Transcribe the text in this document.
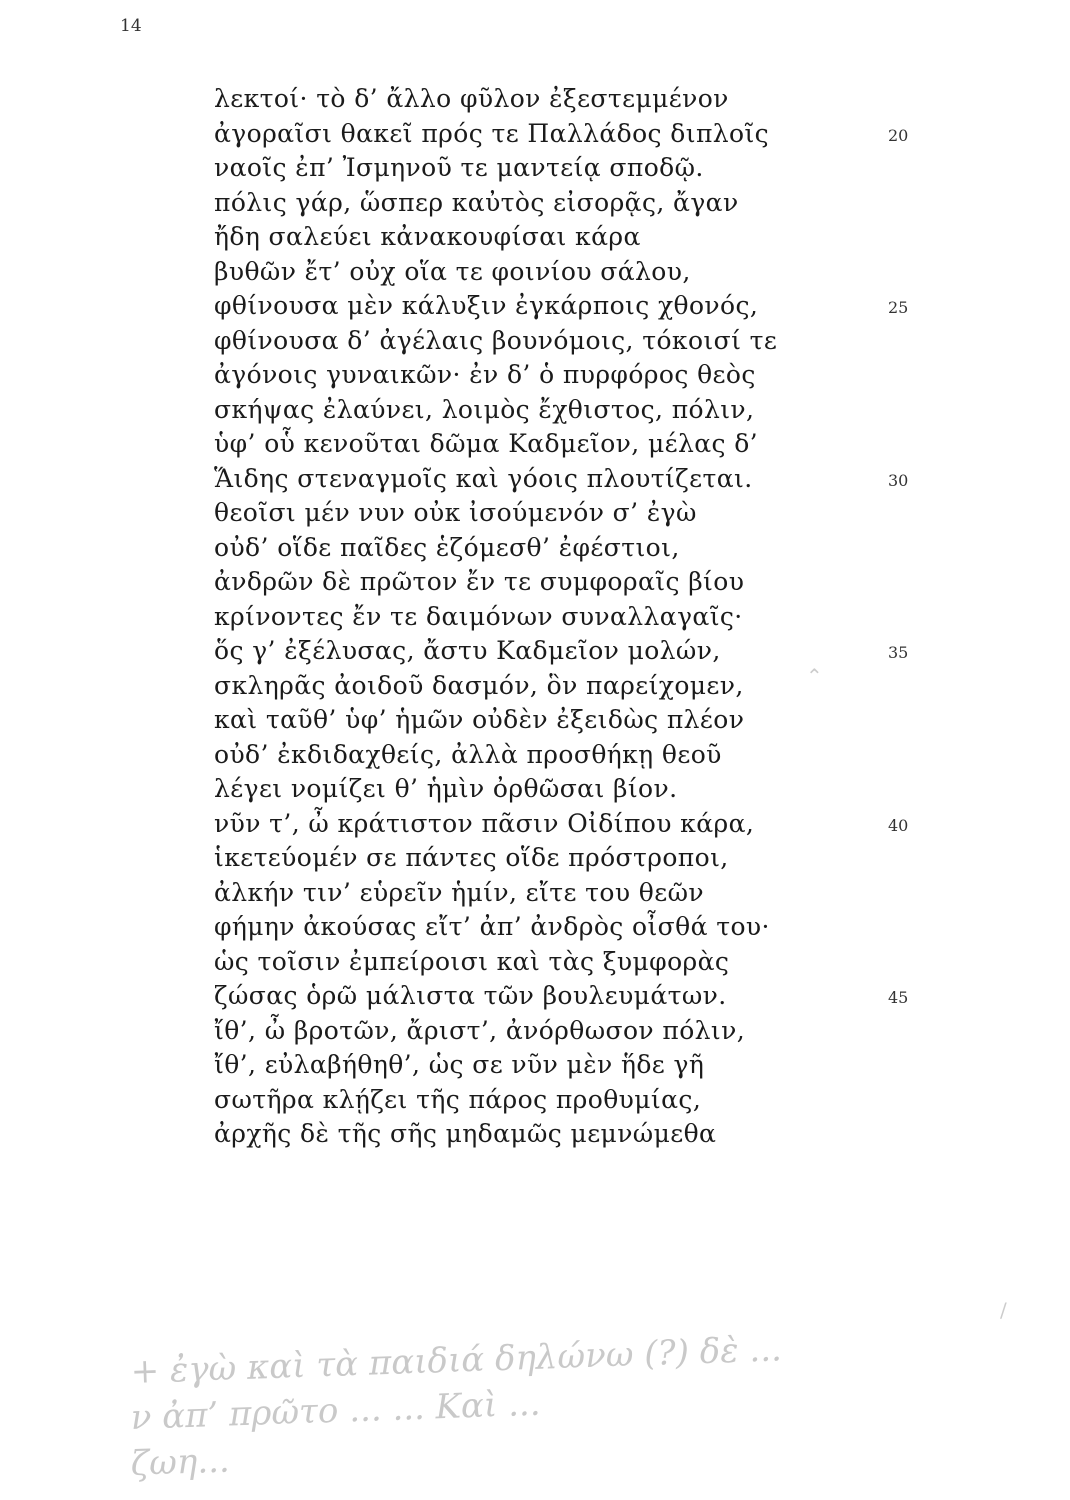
14
λεκτοί· τὸ δ’ ἄλλο φῦλον ἐξεστεμμένον
ἀγοραῖσι θακεῖ πρός τε Παλλάδος διπλοῖς
ναοῖς ἐπ’ Ἰσμηνοῦ τε μαντείᾳ σποδῷ.
πόλις γάρ, ὥσπερ καὐτὸς εἰσορᾷς, ἄγαν
ἤδη σαλεύει κἀνακουφίσαι κάρα
βυθῶν ἔτ’ οὐχ οἵα τε φοινίου σάλου,
φθίνουσα μὲν κάλυξιν ἐγκάρποις χθονός,
φθίνουσα δ’ ἀγέλαις βουνόμοις, τόκοισί τε
ἀγόνοις γυναικῶν· ἐν δ’ ὁ πυρφόρος θεὸς
σκήψας ἐλαύνει, λοιμὸς ἔχθιστος, πόλιν,
ὑφ’ οὗ κενοῦται δῶμα Καδμεῖον, μέλας δ’
Ἅιδης στεναγμοῖς καὶ γόοις πλουτίζεται.
θεοῖσι μέν νυν οὐκ ἰσούμενόν σ’ ἐγὼ
οὐδ’ οἵδε παῖδες ἑζόμεσθ’ ἐφέστιοι,
ἀνδρῶν δὲ πρῶτον ἔν τε συμφοραῖς βίου
κρίνοντες ἔν τε δαιμόνων συναλλαγαῖς·
ὅς γ’ ἐξέλυσας, ἄστυ Καδμεῖον μολών,
σκληρᾶς ἀοιδοῦ δασμόν, ὃν παρείχομεν,
καὶ ταῦθ’ ὑφ’ ἡμῶν οὐδὲν ἐξειδὼς πλέον
οὐδ’ ἐκδιδαχθείς, ἀλλὰ προσθήκῃ θεοῦ
λέγει νομίζει θ’ ἡμὶν ὀρθῶσαι βίον.
νῦν τ’, ὦ κράτιστον πᾶσιν Οἰδίπου κάρα,
ἱκετεύομέν σε πάντες οἵδε πρόστροποι,
ἀλκήν τιν’ εὑρεῖν ἡμίν, εἴτε του θεῶν
φήμην ἀκούσας εἴτ’ ἀπ’ ἀνδρὸς οἶσθά του·
ὡς τοῖσιν ἐμπείροισι καὶ τὰς ξυμφορὰς
ζώσας ὁρῶ μάλιστα τῶν βουλευμάτων.
ἴθ’, ὦ βροτῶν, ἄριστ’, ἀνόρθωσον πόλιν,
ἴθ’, εὐλαβήθηθ’, ὡς σε νῦν μὲν ἥδε γῆ
σωτῆρα κλῄζει τῆς πάρος προθυμίας,
ἀρχῆς δὲ τῆς σῆς μηδαμῶς μεμνώμεθα
20
25
30
35
40
45
+ ἐγὼ καὶ τὰ παιδιά δηλώνω (?) δὲ ...
ν ἀπ’ πρῶτο ... ... Καὶ ...
ζωη...
⌃
/
